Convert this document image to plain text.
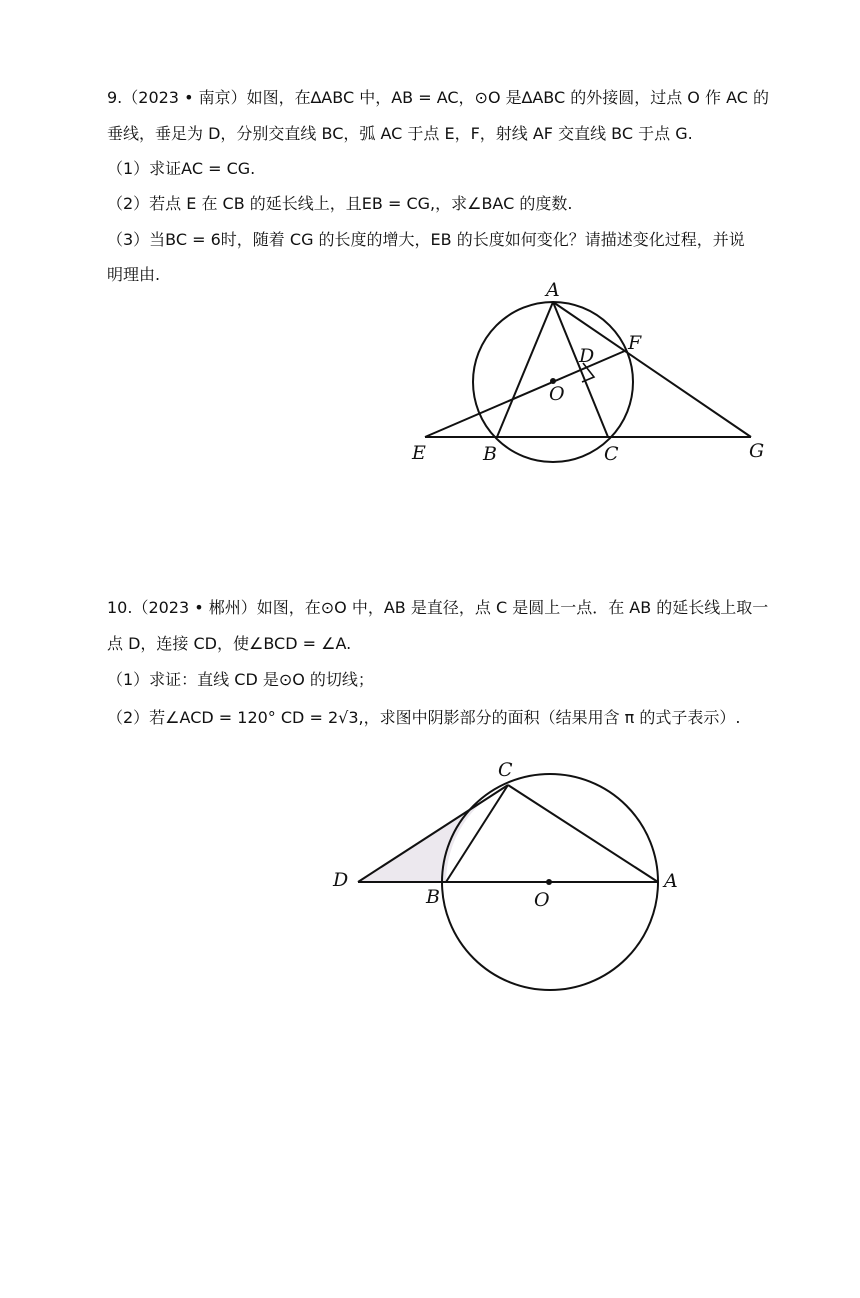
9.（2023 • 南京）如图，在∆ABC 中，AB = AC，⊙O 是∆ABC 的外接圆，过点 O 作 AC 的
垂线，垂足为 D，分别交直线 BC，弧 AC 于点 E，F，射线 AF 交直线 BC 于点 G.
（1）求证AC = CG.
（2）若点 E 在 CB 的延长线上，且EB = CG,，求∠BAC 的度数.
（3）当BC = 6时，随着 CG 的长度的增大，EB 的长度如何变化？请描述变化过程，并说
明理由.
A
F
D
O
E	B	C	G
10.（2023 • 郴州）如图，在⊙O 中，AB 是直径，点 C 是圆上一点．在 AB 的延长线上取一
点 D，连接 CD，使∠BCD = ∠A.
（1）求证：直线 CD 是⊙O 的切线；
（2）若∠ACD = 120° CD = 2√3,，求图中阴影部分的面积（结果用含 π 的式子表示）.
C
D
B	O
A
